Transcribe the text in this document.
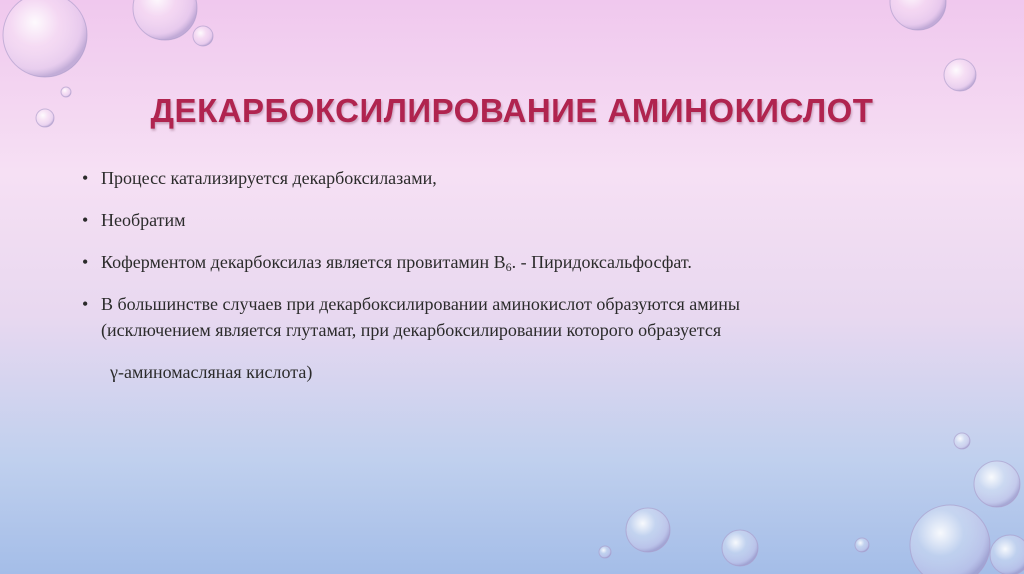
ДЕКАРБОКСИЛИРОВАНИЕ АМИНОКИСЛОТ
• Процесс катализируется декарбоксилазами,
• Необратим
• Коферментом декарбоксилаз является провитамин $В_6$. - Пиридоксальфосфат.
• В большинстве случаев при декарбоксилировании аминокислот образуются амины
(исключением является глутамат, при декарбоксилировании которого образуется
γ-аминомасляная кислота)
